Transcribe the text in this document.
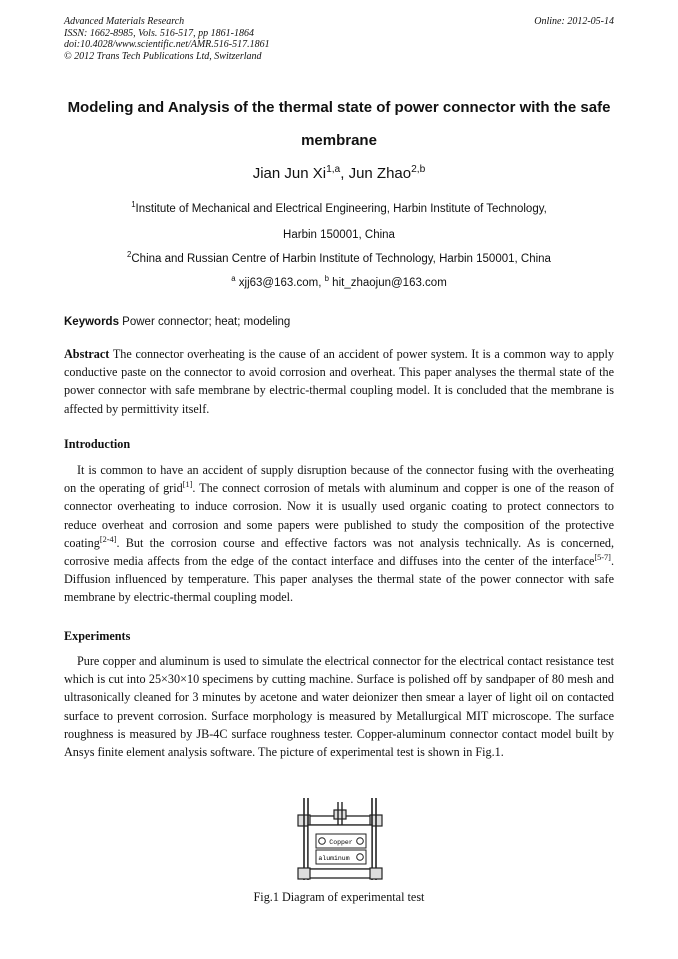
Advanced Materials Research
ISSN: 1662-8985, Vols. 516-517, pp 1861-1864
doi:10.4028/www.scientific.net/AMR.516-517.1861
© 2012 Trans Tech Publications Ltd, Switzerland
Online: 2012-05-14
Modeling and Analysis of the thermal state of power connector with the safe membrane
Jian Jun Xi$^{1,a}$, Jun Zhao$^{2,b}$
$^1$Institute of Mechanical and Electrical Engineering, Harbin Institute of Technology,
Harbin 150001, China
$^2$China and Russian Centre of Harbin Institute of Technology, Harbin 150001, China
$^a$ xjj63@163.com, $^b$ hit_zhaojun@163.com
Keywords Power connector; heat; modeling
Abstract The connector overheating is the cause of an accident of power system. It is a common way to apply conductive paste on the connector to avoid corrosion and overheat. This paper analyses the thermal state of the power connector with safe membrane by electric-thermal coupling model. It is concluded that the membrane is affected by permittivity itself.
Introduction
It is common to have an accident of supply disruption because of the connector fusing with the overheating on the operating of grid[1]. The connect corrosion of metals with aluminum and copper is one of the reason of connector overheating to induce corrosion. Now it is usually used organic coating to protect connectors to reduce overheat and corrosion and some papers were published to study the composition of the protective coating[2-4]. But the corrosion course and effective factors was not analysis technically. As is concerned, corrosive media affects from the edge of the contact interface and diffuses into the center of the interface[5-7]. Diffusion influenced by temperature. This paper analyses the thermal state of the power connector with safe membrane by electric-thermal coupling model.
Experiments
Pure copper and aluminum is used to simulate the electrical connector for the electrical contact resistance test which is cut into 25×30×10 specimens by cutting machine. Surface is polished off by sandpaper of 80 mesh and ultrasonically cleaned for 3 minutes by acetone and water deionizer then smear a layer of light oil on contacted surface to prevent corrosion. Surface morphology is measured by Metallurgical MIT microscope. The surface roughness is measured by JB-4C surface roughness tester. Copper-aluminum connector contact model built by Ansys finite element analysis software. The picture of experimental test is shown in Fig.1.
Copper
aluminum
Fig.1 Diagram of experimental test
